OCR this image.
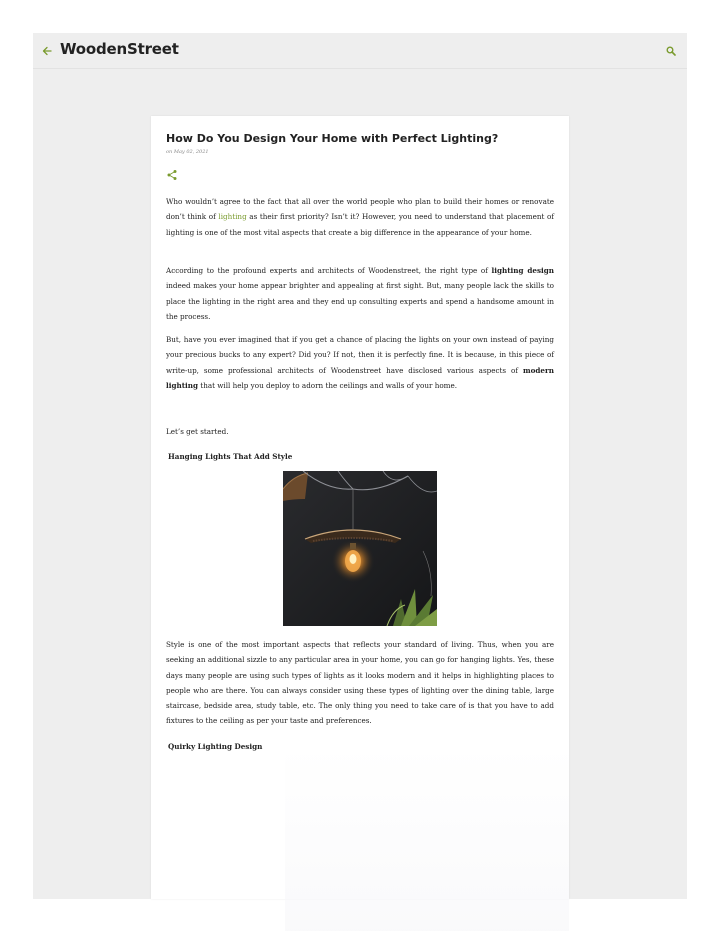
WoodenStreet
How Do You Design Your Home with Perfect Lighting?
on May 02, 2021

Who wouldn’t agree to the fact that all over the world people who plan to build their homes or renovate don’t think of lighting as their first priority? Isn’t it? However, you need to understand that placement of lighting is one of the most vital aspects that create a big difference in the appearance of your home.

According to the profound experts and architects of Woodenstreet, the right type of lighting design indeed makes your home appear brighter and appealing at first sight. But, many people lack the skills to place the lighting in the right area and they end up consulting experts and spend a handsome amount in the process.

But, have you ever imagined that if you get a chance of placing the lights on your own instead of paying your precious bucks to any expert? Did you? If not, then it is perfectly fine. It is because, in this piece of write-up, some professional architects of Woodenstreet have disclosed various aspects of modern lighting that will help you deploy to adorn the ceilings and walls of your home.

Let’s get started.

Hanging Lights That Add Style

Style is one of the most important aspects that reflects your standard of living. Thus, when you are seeking an additional sizzle to any particular area in your home, you can go for hanging lights. Yes, these days many people are using such types of lights as it looks modern and it helps in highlighting places to people who are there. You can always consider using these types of lighting over the dining table, large staircase, bedside area, study table, etc. The only thing you need to take care of is that you have to add fixtures to the ceiling as per your taste and preferences.

Quirky Lighting Design
